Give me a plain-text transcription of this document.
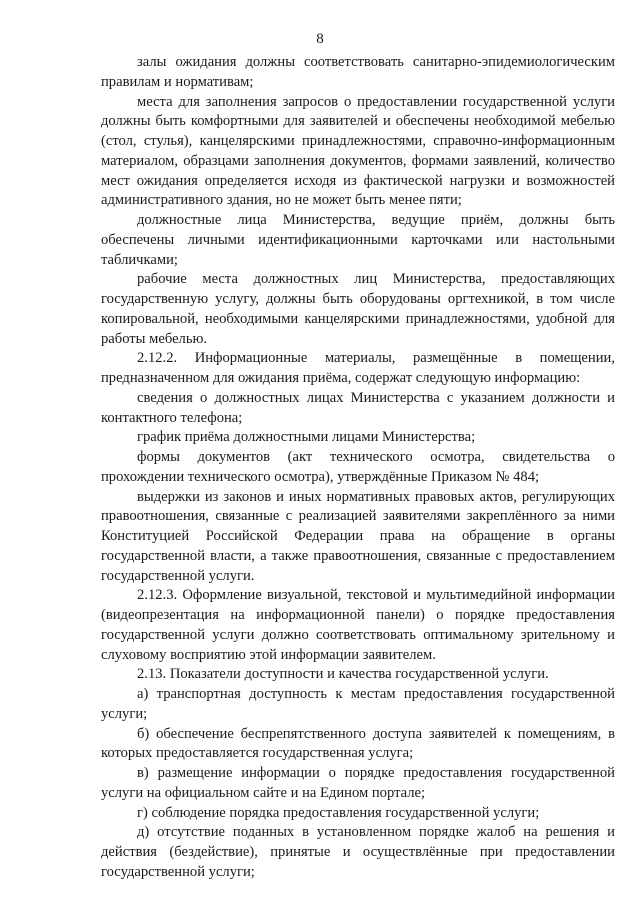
8

залы ожидания должны соответствовать санитарно-эпидемиологическим правилам и нормативам;

места для заполнения запросов о предоставлении государственной услуги должны быть комфортными для заявителей и обеспечены необходимой мебелью (стол, стулья), канцелярскими принадлежностями, справочно-информационным материалом, образцами заполнения документов, формами заявлений, количество мест ожидания определяется исходя из фактической нагрузки и возможностей административного здания, но не может быть менее пяти;

должностные лица Министерства, ведущие приём, должны быть обеспечены личными идентификационными карточками или настольными табличками;

рабочие места должностных лиц Министерства, предоставляющих государственную услугу, должны быть оборудованы оргтехникой, в том числе копировальной, необходимыми канцелярскими принадлежностями, удобной для работы мебелью.

2.12.2. Информационные материалы, размещённые в помещении, предназначенном для ожидания приёма, содержат следующую информацию:

сведения о должностных лицах Министерства с указанием должности и контактного телефона;

график приёма должностными лицами Министерства;

формы документов (акт технического осмотра, свидетельства о прохождении технического осмотра), утверждённые Приказом № 484;

выдержки из законов и иных нормативных правовых актов, регулирующих правоотношения, связанные с реализацией заявителями закреплённого за ними Конституцией Российской Федерации права на обращение в органы государственной власти, а также правоотношения, связанные с предоставлением государственной услуги.

2.12.3. Оформление визуальной, текстовой и мультимедийной информации (видеопрезентация на информационной панели) о порядке предоставления государственной услуги должно соответствовать оптимальному зрительному и слуховому восприятию этой информации заявителем.

2.13. Показатели доступности и качества государственной услуги.

а) транспортная доступность к местам предоставления государственной услуги;

б) обеспечение беспрепятственного доступа заявителей к помещениям, в которых предоставляется государственная услуга;

в) размещение информации о порядке предоставления государственной услуги на официальном сайте и на Едином портале;

г) соблюдение порядка предоставления государственной услуги;

д) отсутствие поданных в установленном порядке жалоб на решения и действия (бездействие), принятые и осуществлённые при предоставлении государственной услуги;
